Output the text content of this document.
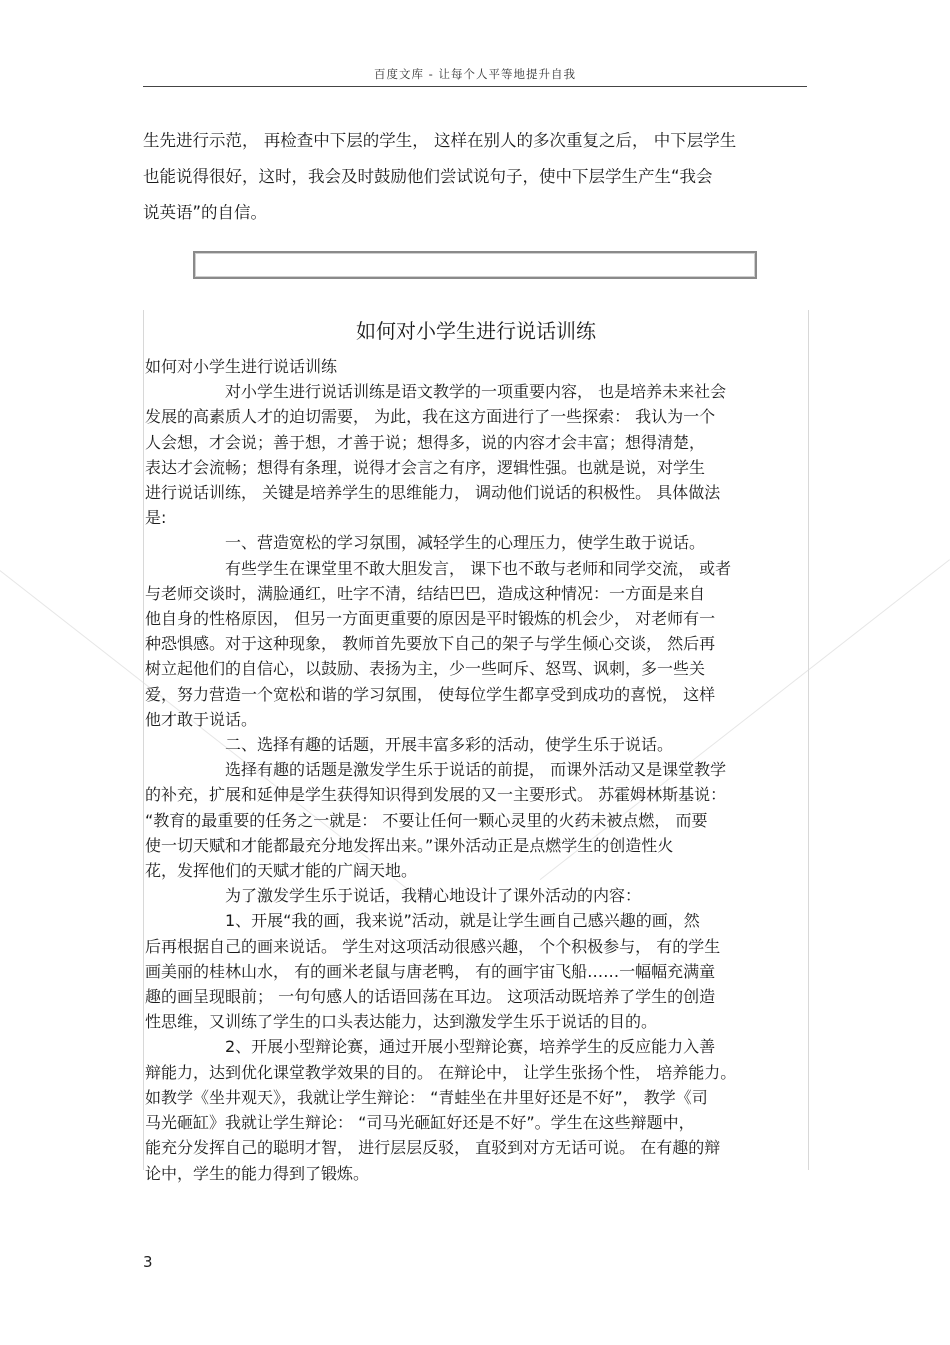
百度文库 - 让每个人平等地提升自我
生先进行示范， 再检查中下层的学生， 这样在别人的多次重复之后， 中下层学生
也能说得很好，这时，我会及时鼓励他们尝试说句子，使中下层学生产生“我会
说英语”的自信。
如何对小学生进行说话训练
如何对小学生进行说话训练
对小学生进行说话训练是语文教学的一项重要内容， 也是培养未来社会
发展的高素质人才的迫切需要， 为此，我在这方面进行了一些探索： 我认为一个
人会想，才会说；善于想，才善于说；想得多，说的内容才会丰富；想得清楚，
表达才会流畅；想得有条理，说得才会言之有序，逻辑性强。也就是说，对学生
进行说话训练， 关键是培养学生的思维能力， 调动他们说话的积极性。 具体做法
是:
一、营造宽松的学习氛围，减轻学生的心理压力，使学生敢于说话。
有些学生在课堂里不敢大胆发言， 课下也不敢与老师和同学交流， 或者
与老师交谈时，满脸通红，吐字不清，结结巴巴，造成这种情况：一方面是来自
他自身的性格原因， 但另一方面更重要的原因是平时锻炼的机会少， 对老师有一
种恐惧感。对于这种现象， 教师首先要放下自己的架子与学生倾心交谈， 然后再
树立起他们的自信心，以鼓励、表扬为主，少一些呵斥、怒骂、讽刺，多一些关
爱，努力营造一个宽松和谐的学习氛围， 使每位学生都享受到成功的喜悦， 这样
他才敢于说话。
二、选择有趣的话题，开展丰富多彩的活动，使学生乐于说话。
选择有趣的话题是激发学生乐于说话的前提， 而课外活动又是课堂教学
的补充，扩展和延伸是学生获得知识得到发展的又一主要形式。 苏霍姆林斯基说：
“教育的最重要的任务之一就是： 不要让任何一颗心灵里的火药未被点燃， 而要
使一切天赋和才能都最充分地发挥出来。”课外活动正是点燃学生的创造性火
花，发挥他们的天赋才能的广阔天地。
为了激发学生乐于说话，我精心地设计了课外活动的内容：
1、开展“我的画，我来说”活动，就是让学生画自己感兴趣的画，然
后再根据自己的画来说话。 学生对这项活动很感兴趣， 个个积极参与， 有的学生
画美丽的桂林山水， 有的画米老鼠与唐老鸭， 有的画宇宙飞船……一幅幅充满童
趣的画呈现眼前； 一句句感人的话语回荡在耳边。 这项活动既培养了学生的创造
性思维，又训练了学生的口头表达能力，达到激发学生乐于说话的目的。
2、开展小型辩论赛，通过开展小型辩论赛，培养学生的反应能力入善
辩能力，达到优化课堂教学效果的目的。 在辩论中， 让学生张扬个性， 培养能力。
如教学《坐井观天》，我就让学生辩论： “青蛙坐在井里好还是不好”， 教学《司
马光砸缸》我就让学生辩论： “司马光砸缸好还是不好”。学生在这些辩题中，
能充分发挥自己的聪明才智， 进行层层反驳， 直驳到对方无话可说。 在有趣的辩
论中，学生的能力得到了锻炼。
3
